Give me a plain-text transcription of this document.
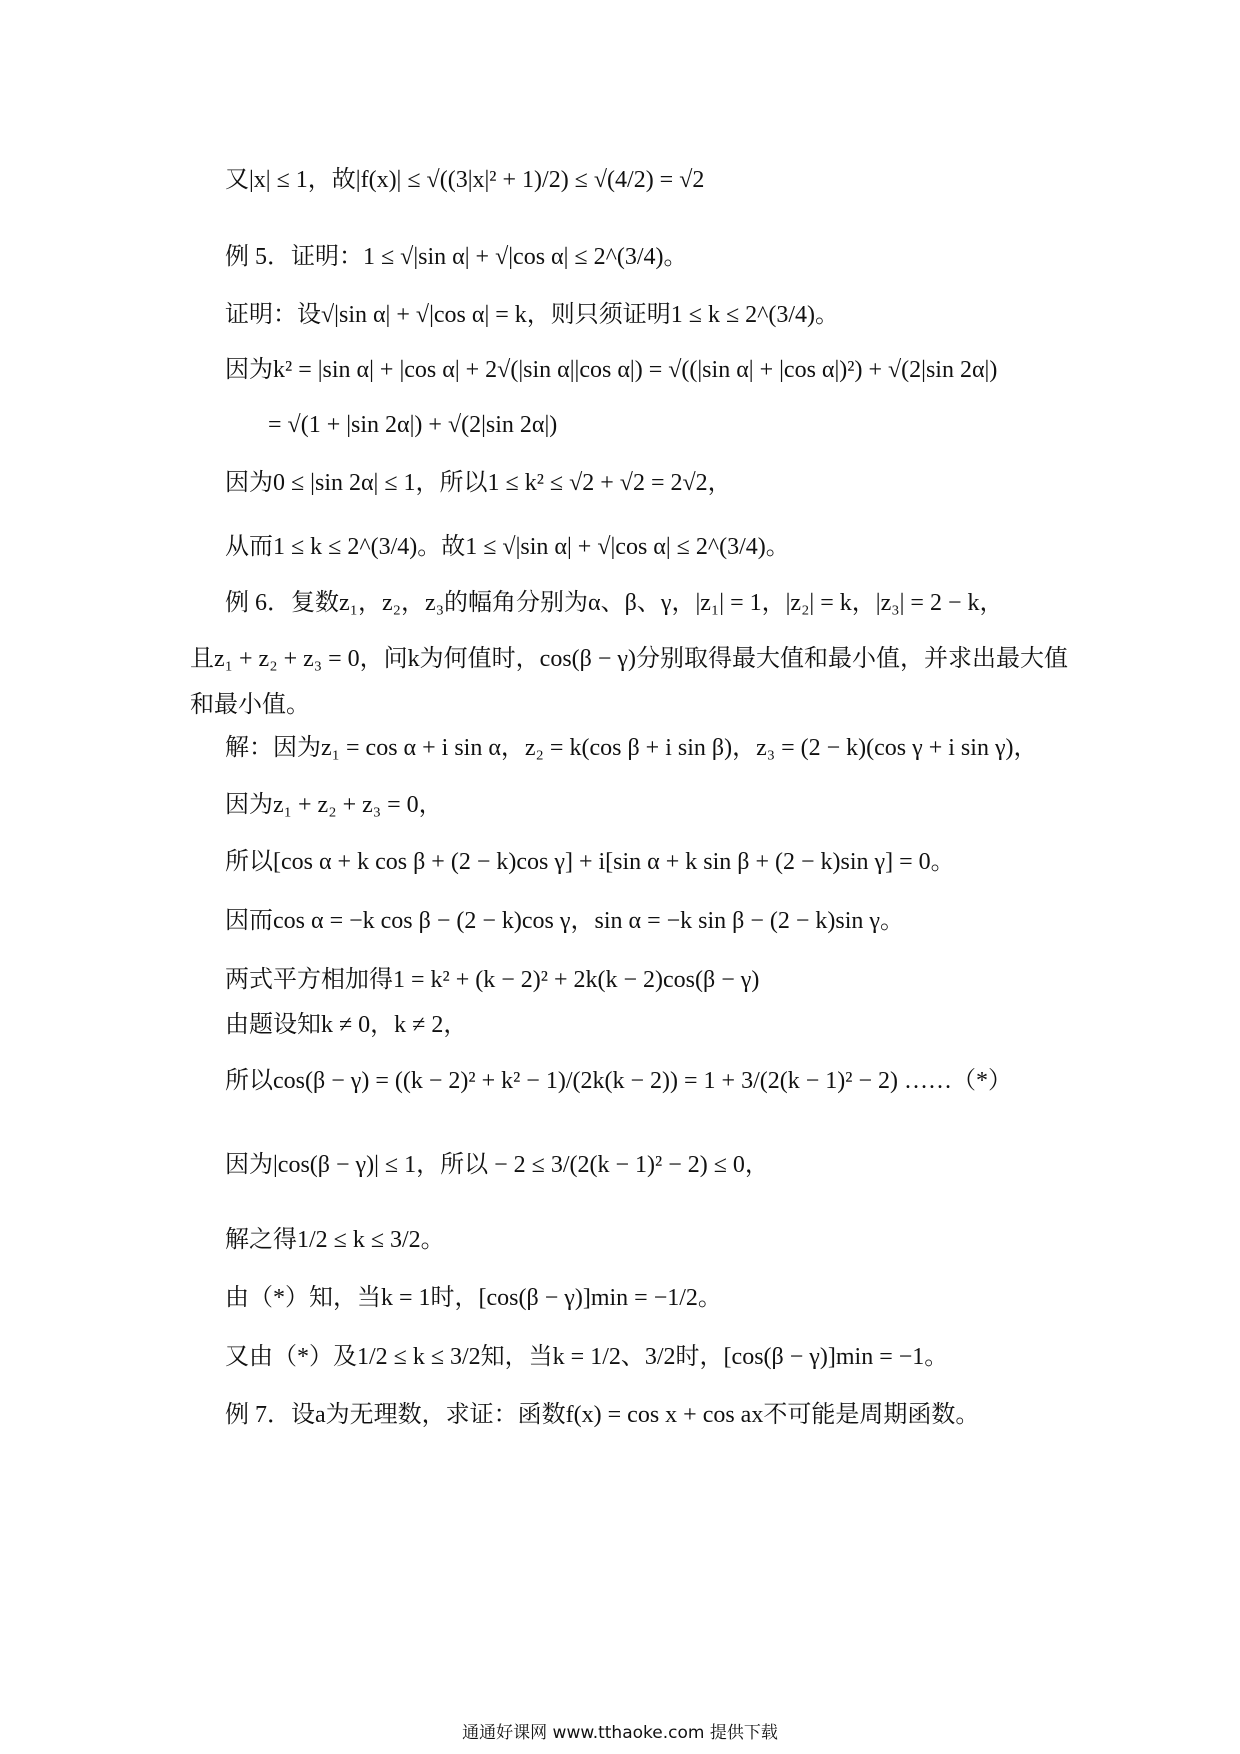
又|x| ≤ 1，故|f(x)| ≤ √((3|x|² + 1)/2) ≤ √(4/2) = √2
例 5．证明：1 ≤ √|sin α| + √|cos α| ≤ 2^(3/4)。
证明：设√|sin α| + √|cos α| = k，则只须证明1 ≤ k ≤ 2^(3/4)。
因为k² = |sin α| + |cos α| + 2√(|sin α||cos α|) = √((|sin α| + |cos α|)²) + √(2|sin 2α|)
= √(1 + |sin 2α|) + √(2|sin 2α|)
因为0 ≤ |sin 2α| ≤ 1，所以1 ≤ k² ≤ √2 + √2 = 2√2，
从而1 ≤ k ≤ 2^(3/4)。故1 ≤ √|sin α| + √|cos α| ≤ 2^(3/4)。
例 6．复数z₁，z₂，z₃的幅角分别为α、β、γ，|z₁| = 1，|z₂| = k，|z₃| = 2 − k，
且z₁ + z₂ + z₃ = 0，问k为何值时，cos(β − γ)分别取得最大值和最小值，并求出最大值
和最小值。
解：因为z₁ = cos α + i sin α，z₂ = k(cos β + i sin β)，z₃ = (2 − k)(cos γ + i sin γ)，
因为z₁ + z₂ + z₃ = 0，
所以[cos α + k cos β + (2 − k)cos γ] + i[sin α + k sin β + (2 − k)sin γ] = 0。
因而cos α = −k cos β − (2 − k)cos γ，sin α = −k sin β − (2 − k)sin γ。
两式平方相加得1 = k² + (k − 2)² + 2k(k − 2)cos(β − γ)
由题设知k ≠ 0，k ≠ 2，
所以cos(β − γ) = ((k − 2)² + k² − 1)/(2k(k − 2)) = 1 + 3/(2(k − 1)² − 2) ……（*）
因为|cos(β − γ)| ≤ 1，所以 − 2 ≤ 3/(2(k − 1)² − 2) ≤ 0，
解之得1/2 ≤ k ≤ 3/2。
由（*）知，当k = 1时，[cos(β − γ)]min = −1/2。
又由（*）及1/2 ≤ k ≤ 3/2知，当k = 1/2、3/2时，[cos(β − γ)]min = −1。
例 7．设a为无理数，求证：函数f(x) = cos x + cos ax不可能是周期函数。
通通好课网 www.tthaoke.com 提供下载
